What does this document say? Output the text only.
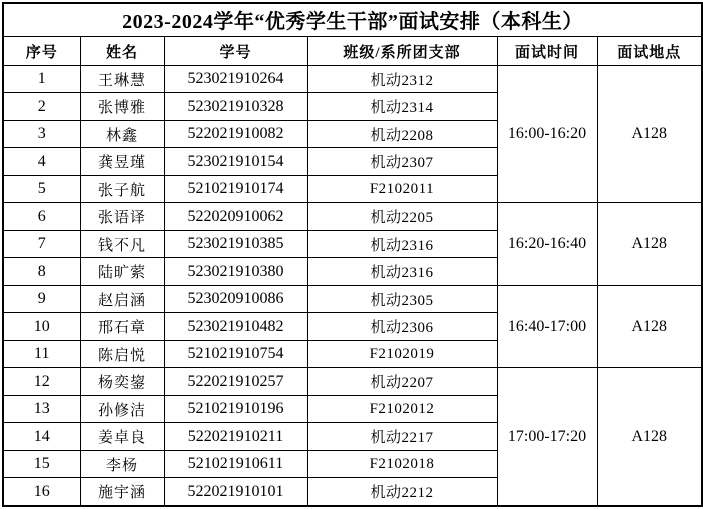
2023-2024学年“优秀学生干部”面试安排（本科生）					
序号	姓名	学号	班级/系所团支部	面试时间	面试地点
1	王琳慧	523021910264	机动2312	16:00-16:20	A128
2	张博雅	523021910328	机动2314		
3	林鑫	522021910082	机动2208		
4	龚昱瑾	523021910154	机动2307		
5	张子航	521021910174	F2102011		
6	张语译	522020910062	机动2205	16:20-16:40	A128
7	钱不凡	523021910385	机动2316		
8	陆旷萦	523021910380	机动2316		
9	赵启涵	523020910086	机动2305	16:40-17:00	A128
10	邢石章	523021910482	机动2306		
11	陈启悦	521021910754	F2102019		
12	杨奕鋆	522021910257	机动2207	17:00-17:20	A128
13	孙修洁	521021910196	F2102012		
14	姜卓良	522021910211	机动2217		
15	李杨	521021910611	F2102018		
16	施宇涵	522021910101	机动2212		
